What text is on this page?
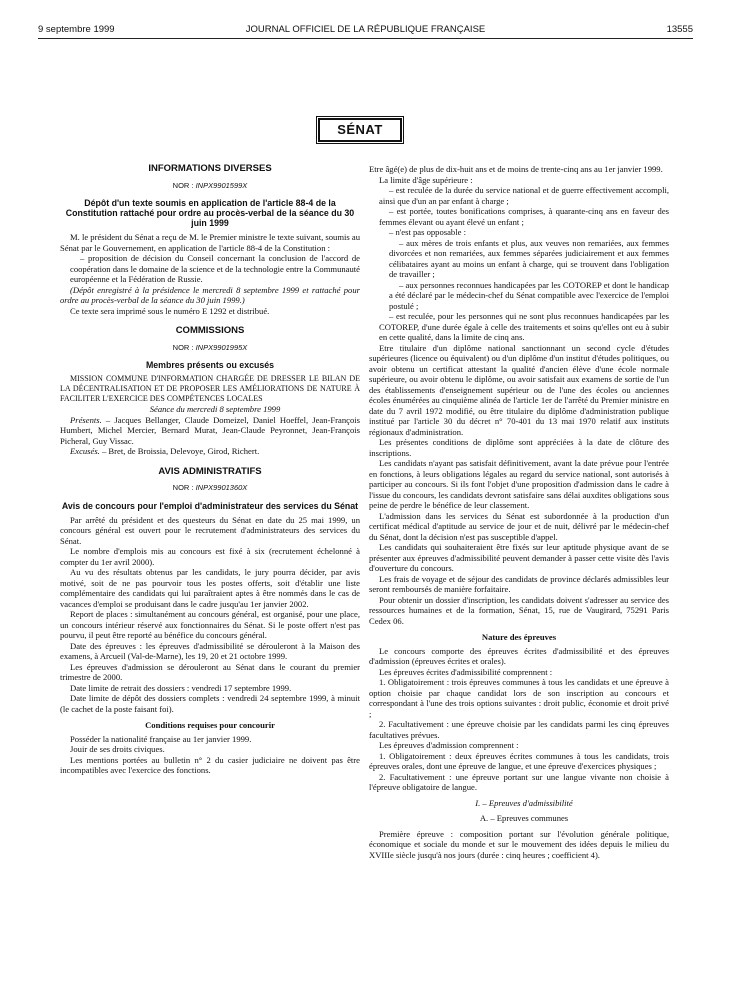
9 septembre 1999	JOURNAL OFFICIEL DE LA RÉPUBLIQUE FRANÇAISE	13555
SÉNAT
INFORMATIONS DIVERSES
NOR : INPX9901599X
Dépôt d'un texte soumis en application de l'article 88-4 de la Constitution rattaché pour ordre au procès-verbal de la séance du 30 juin 1999

M. le président du Sénat a reçu de M. le Premier ministre le texte suivant, soumis au Sénat par le Gouvernement, en application de l'article 88-4 de la Constitution :

– proposition de décision du Conseil concernant la conclusion de l'accord de coopération dans le domaine de la science et de la technologie entre la Communauté européenne et la Fédération de Russie.

(Dépôt enregistré à la présidence le mercredi 8 septembre 1999 et rattaché pour ordre au procès-verbal de la séance du 30 juin 1999.)

Ce texte sera imprimé sous le numéro E 1292 et distribué.

COMMISSIONS
NOR : INPX9901995X
Membres présents ou excusés

MISSION COMMUNE D'INFORMATION CHARGÉE DE DRESSER LE BILAN DE LA DÉCENTRALISATION ET DE PROPOSER LES AMÉLIORATIONS DE NATURE À FACILITER L'EXERCICE DES COMPÉTENCES LOCALES

Séance du mercredi 8 septembre 1999

Présents. – Jacques Bellanger, Claude Domeizel, Daniel Hoeffel, Jean-François Humbert, Michel Mercier, Bernard Murat, Jean-Claude Peyronnet, Jean-François Picheral, Guy Vissac.

Excusés. – Bret, de Broissia, Delevoye, Girod, Richert.

AVIS ADMINISTRATIFS
NOR : INPX9901360X
Avis de concours pour l'emploi d'administrateur des services du Sénat

Par arrêté du président et des questeurs du Sénat en date du 25 mai 1999, un concours général est ouvert pour le recrutement d'administrateurs des services du Sénat.

Le nombre d'emplois mis au concours est fixé à six (recrutement échelonné à compter du 1er avril 2000).

Au vu des résultats obtenus par les candidats, le jury pourra décider, par avis motivé, soit de ne pas pourvoir tous les postes offerts, soit d'établir une liste complémentaire des candidats qui lui paraîtraient aptes à être nommés dans le cas de vacances d'emploi se produisant dans le cadre jusqu'au 1er janvier 2002.

Report de places : simultanément au concours général, est organisé, pour une place, un concours intérieur réservé aux fonctionnaires du Sénat. Si le poste offert n'est pas pourvu, il peut être reporté au bénéfice du concours général.

Date des épreuves : les épreuves d'admissibilité se dérouleront à la Maison des examens, à Arcueil (Val-de-Marne), les 19, 20 et 21 octobre 1999.

Les épreuves d'admission se dérouleront au Sénat dans le courant du premier trimestre de 2000.

Date limite de retrait des dossiers : vendredi 17 septembre 1999.

Date limite de dépôt des dossiers complets : vendredi 24 septembre 1999, à minuit (le cachet de la poste faisant foi).

Conditions requises pour concourir

Posséder la nationalité française au 1er janvier 1999.

Jouir de ses droits civiques.

Les mentions portées au bulletin n° 2 du casier judiciaire ne doivent pas être incompatibles avec l'exercice des fonctions.

Etre âgé(e) de plus de dix-huit ans et de moins de trente-cinq ans au 1er janvier 1999.

La limite d'âge supérieure :

– est reculée de la durée du service national et de guerre effectivement accompli, ainsi que d'un an par enfant à charge ;

– est portée, toutes bonifications comprises, à quarante-cinq ans en faveur des femmes élevant ou ayant élevé un enfant ;

– n'est pas opposable :

– aux mères de trois enfants et plus, aux veuves non remariées, aux femmes divorcées et non remariées, aux femmes séparées judiciairement et aux femmes célibataires ayant au moins un enfant à charge, qui se trouvent dans l'obligation de travailler ;

– aux personnes reconnues handicapées par les COTOREP et dont le handicap a été déclaré par le médecin-chef du Sénat compatible avec l'exercice de l'emploi postulé ;

– est reculée, pour les personnes qui ne sont plus reconnues handicapées par les COTOREP, d'une durée égale à celle des traitements et soins qu'elles ont eu à subir en cette qualité, dans la limite de cinq ans.

Etre titulaire d'un diplôme national sanctionnant un second cycle d'études supérieures (licence ou équivalent) ou d'un diplôme d'un institut d'études politiques, ou avoir obtenu un certificat attestant la qualité d'ancien élève d'une école normale supérieure, ou avoir obtenu le diplôme, ou avoir satisfait aux examens de sortie de l'un des établissements d'enseignement supérieur ou de l'une des écoles ou anciennes écoles énumérées au cinquième alinéa de l'article 1er de l'arrêté du Premier ministre en date du 7 avril 1972 modifié, ou être titulaire du diplôme d'administration publique institué par l'article 30 du décret n° 70-401 du 13 mai 1970 relatif aux instituts régionaux d'administration.

Les présentes conditions de diplôme sont appréciées à la date de clôture des inscriptions.

Les candidats n'ayant pas satisfait définitivement, avant la date prévue pour l'entrée en fonctions, à leurs obligations légales au regard du service national, sont autorisés à participer au concours. Si ils font l'objet d'une proposition d'admission dans le cadre à l'issue du concours, les candidats devront satisfaire sans délai auxdites obligations sous peine de perdre le bénéfice de leur classement.

L'admission dans les services du Sénat est subordonnée à la production d'un certificat médical d'aptitude au service de jour et de nuit, délivré par le médecin-chef du Sénat, dont la décision n'est pas susceptible d'appel.

Les candidats qui souhaiteraient être fixés sur leur aptitude physique avant de se présenter aux épreuves d'admissibilité peuvent demander à passer cette visite dès l'avis d'ouverture du concours.

Les frais de voyage et de séjour des candidats de province déclarés admissibles leur seront remboursés de manière forfaitaire.

Pour obtenir un dossier d'inscription, les candidats doivent s'adresser au service des ressources humaines et de la formation, Sénat, 15, rue de Vaugirard, 75291 Paris Cedex 06.

Nature des épreuves

Le concours comporte des épreuves écrites d'admissibilité et des épreuves d'admission (épreuves écrites et orales).

Les épreuves écrites d'admissibilité comprennent :

1. Obligatoirement : trois épreuves communes à tous les candidats et une épreuve à option choisie par chaque candidat lors de son inscription au concours et correspondant à l'une des trois options suivantes : droit public, économie et droit privé ;

2. Facultativement : une épreuve choisie par les candidats parmi les cinq épreuves facultatives prévues.

Les épreuves d'admission comprennent :

1. Obligatoirement : deux épreuves écrites communes à tous les candidats, trois épreuves orales, dont une épreuve de langue, et une épreuve d'exercices physiques ;

2. Facultativement : une épreuve portant sur une langue vivante non choisie à l'épreuve obligatoire de langue.

I. – Epreuves d'admissibilité

A. – Epreuves communes

Première épreuve : composition portant sur l'évolution générale politique, économique et sociale du monde et sur le mouvement des idées depuis le milieu du XVIIIe siècle jusqu'à nos jours (durée : cinq heures ; coefficient 4).
